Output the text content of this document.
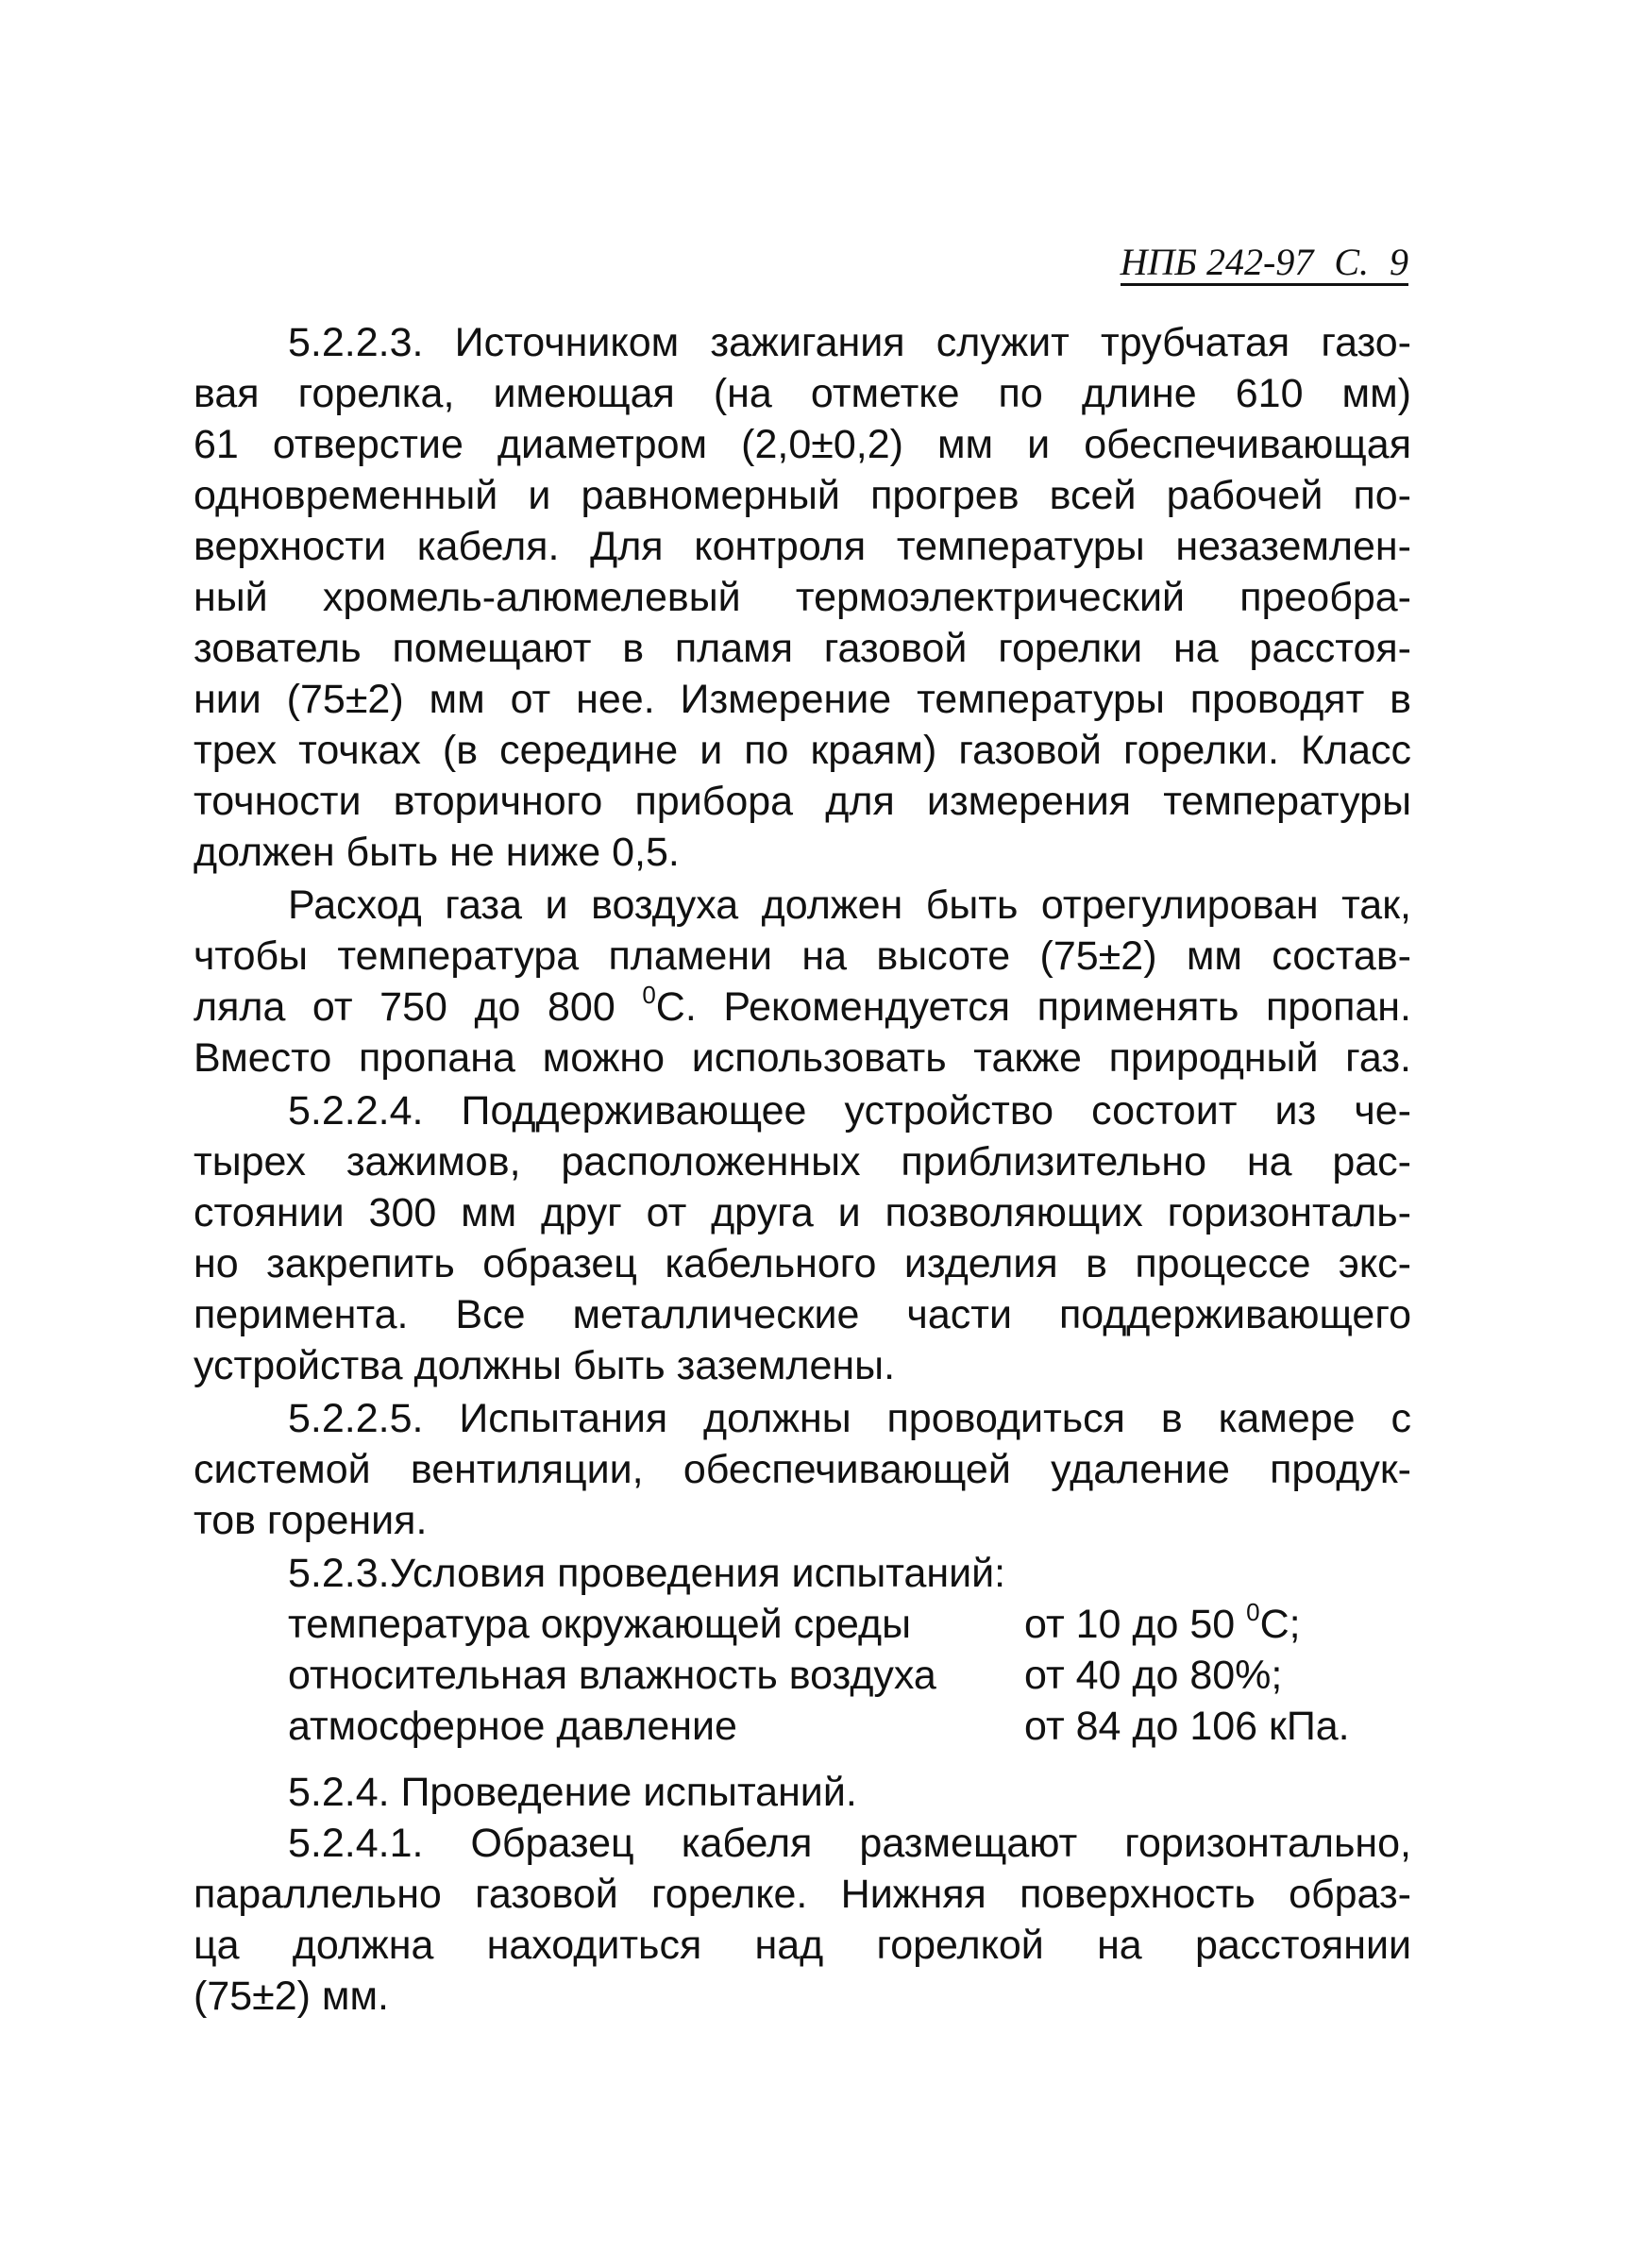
НПБ 242-97 С. 9
5.2.2.3. Источником зажигания служит трубчатая газо-
вая горелка, имеющая (на отметке по длине 610 мм)
61 отверстие диаметром (2,0±0,2) мм и обеспечивающая
одновременный и равномерный прогрев всей рабочей по-
верхности кабеля. Для контроля температуры незаземлен-
ный хромель-алюмелевый термоэлектрический преобра-
зователь помещают в пламя газовой горелки на расстоя-
нии (75±2) мм от нее. Измерение температуры проводят в
трех точках (в середине и по краям) газовой горелки. Класс
точности вторичного прибора для измерения температуры
должен быть не ниже 0,5.
Расход газа и воздуха должен быть отрегулирован так,
чтобы температура пламени на высоте (75±2) мм состав-
ляла от 750 до 800 $^0$С. Рекомендуется применять пропан.
Вместо пропана можно использовать также природный газ.
5.2.2.4. Поддерживающее устройство состоит из че-
тырех зажимов, расположенных приблизительно на рас-
стоянии 300 мм друг от друга и позволяющих горизонталь-
но закрепить образец кабельного изделия в процессе экс-
перимента. Все металлические части поддерживающего
устройства должны быть заземлены.
5.2.2.5. Испытания должны проводиться в камере с
системой вентиляции, обеспечивающей удаление продук-
тов горения.
5.2.3.Условия проведения испытаний:
температура окружающей среды	от 10 до 50 $^0$С;
относительная влажность воздуха	от 40 до 80%;
атмосферное давление	от 84 до 106 кПа.
5.2.4. Проведение испытаний.
5.2.4.1. Образец кабеля размещают горизонтально,
параллельно газовой горелке. Нижняя поверхность образ-
ца должна находиться над горелкой на расстоянии
(75±2) мм.
